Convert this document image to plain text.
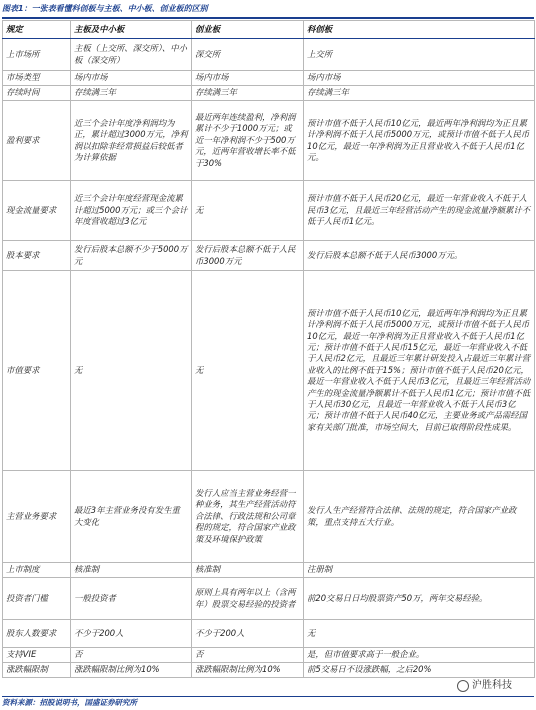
图表1：一张表看懂科创板与主板、中小板、创业板的区别
规定	主板及中小板	创业板	科创板
上市场所	主板（上交所、深交所）、中小板（深交所）	深交所	上交所
市场类型	场内市场	场内市场	场内市场
存续时间	存续满三年	存续满三年	存续满三年
盈利要求	近三个会计年度净利润均为正，累计超过3000万元，净利润以扣除非经常损益后较低者为计算依据	最近两年连续盈利，净利润累计不少于1000万元；或近一年净利润不少于500万元，近两年营收增长率不低于30%	预计市值不低于人民币10亿元，最近两年净利润均为正且累计净利润不低于人民币5000万元，或预计市值不低于人民币10亿元，最近一年净利润为正且营业收入不低于人民币1亿元。
现金流量要求	近三个会计年度经营现金流累计超过5000万元；或三个会计年度营收超过3亿元	无	预计市值不低于人民币20亿元，最近一年营业收入不低于人民币3亿元，且最近三年经营活动产生的现金流量净额累计不低于人民币1亿元。
股本要求	发行后股本总额不少于5000万元	发行后股本总额不低于人民币3000万元	发行后股本总额不低于人民币3000万元。
市值要求	无	无	预计市值不低于人民币10亿元，最近两年净利润均为正且累计净利润不低于人民币5000万元，或预计市值不低于人民币10亿元，最近一年净利润为正且营业收入不低于人民币1亿元；预计市值不低于人民币15亿元，最近一年营业收入不低于人民币2亿元，且最近三年累计研发投入占最近三年累计营业收入的比例不低于15%；预计市值不低于人民币20亿元，最近一年营业收入不低于人民币3亿元，且最近三年经营活动产生的现金流量净额累计不低于人民币1亿元；预计市值不低于人民币30亿元，且最近一年营业收入不低于人民币3亿元；预计市值不低于人民币40亿元，主要业务或产品需经国家有关部门批准，市场空间大，目前已取得阶段性成果。
主营业务要求	最近3年主营业务没有发生重大变化	发行人应当主营业务经营一种业务，其生产经营活动符合法律、行政法规和公司章程的规定，符合国家产业政策及环境保护政策	发行人生产经营符合法律、法规的规定，符合国家产业政策，重点支持五大行业。
上市制度	核准制	核准制	注册制
投资者门槛	一般投资者	原则上具有两年以上（含两年）股票交易经验的投资者	前20交易日日均股票资产50万，两年交易经验。
股东人数要求	不少于200人	不少于200人	无
支持VIE	否	否	是，但市值要求高于一般企业。
涨跌幅限制	涨跌幅限制比例为10%	涨跌幅限制比例为10%	前5交易日不设涨跌幅，之后20%
沪胜科技
资料来源：招股说明书，国盛证券研究所
